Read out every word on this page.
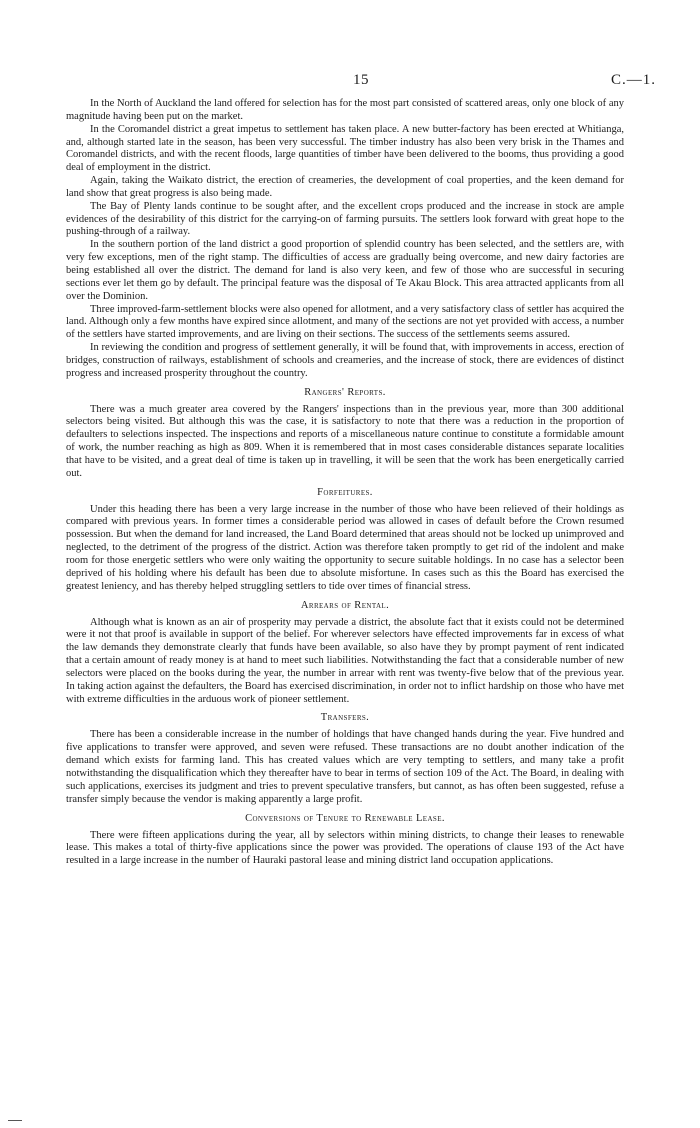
15	C.—1.

In the North of Auckland the land offered for selection has for the most part consisted of scattered areas, only one block of any magnitude having been put on the market.

In the Coromandel district a great impetus to settlement has taken place. A new butter-factory has been erected at Whitianga, and, although started late in the season, has been very successful. The timber industry has also been very brisk in the Thames and Coromandel districts, and with the recent floods, large quantities of timber have been delivered to the booms, thus providing a good deal of employment in the district.

Again, taking the Waikato district, the erection of creameries, the development of coal properties, and the keen demand for land show that great progress is also being made.

The Bay of Plenty lands continue to be sought after, and the excellent crops produced and the increase in stock are ample evidences of the desirability of this district for the carrying-on of farming pursuits. The settlers look forward with great hope to the pushing-through of a railway.

In the southern portion of the land district a good proportion of splendid country has been selected, and the settlers are, with very few exceptions, men of the right stamp. The difficulties of access are gradually being overcome, and new dairy factories are being established all over the district. The demand for land is also very keen, and few of those who are successful in securing sections ever let them go by default. The principal feature was the disposal of Te Akau Block. This area attracted applicants from all over the Dominion.

Three improved-farm-settlement blocks were also opened for allotment, and a very satisfactory class of settler has acquired the land. Although only a few months have expired since allotment, and many of the sections are not yet provided with access, a number of the settlers have started improvements, and are living on their sections. The success of the settlements seems assured.

In reviewing the condition and progress of settlement generally, it will be found that, with improvements in access, erection of bridges, construction of railways, establishment of schools and creameries, and the increase of stock, there are evidences of distinct progress and increased prosperity throughout the country.

Rangers' Reports.

There was a much greater area covered by the Rangers' inspections than in the previous year, more than 300 additional selectors being visited. But although this was the case, it is satisfactory to note that there was a reduction in the proportion of defaulters to selections inspected. The inspections and reports of a miscellaneous nature continue to constitute a formidable amount of work, the number reaching as high as 809. When it is remembered that in most cases considerable distances separate localities that have to be visited, and a great deal of time is taken up in travelling, it will be seen that the work has been energetically carried out.

Forfeitures.

Under this heading there has been a very large increase in the number of those who have been relieved of their holdings as compared with previous years. In former times a considerable period was allowed in cases of default before the Crown resumed possession. But when the demand for land increased, the Land Board determined that areas should not be locked up unimproved and neglected, to the detriment of the progress of the district. Action was therefore taken promptly to get rid of the indolent and make room for those energetic settlers who were only waiting the opportunity to secure suitable holdings. In no case has a selector been deprived of his holding where his default has been due to absolute misfortune. In cases such as this the Board has exercised the greatest leniency, and has thereby helped struggling settlers to tide over times of financial stress.

Arrears of Rental.

Although what is known as an air of prosperity may pervade a district, the absolute fact that it exists could not be determined were it not that proof is available in support of the belief. For wherever selectors have effected improvements far in excess of what the law demands they demonstrate clearly that funds have been available, so also have they by prompt payment of rent indicated that a certain amount of ready money is at hand to meet such liabilities. Notwithstanding the fact that a considerable number of new selectors were placed on the books during the year, the number in arrear with rent was twenty-five below that of the previous year. In taking action against the defaulters, the Board has exercised discrimination, in order not to inflict hardship on those who have met with extreme difficulties in the arduous work of pioneer settlement.

Transfers.

There has been a considerable increase in the number of holdings that have changed hands during the year. Five hundred and five applications to transfer were approved, and seven were refused. These transactions are no doubt another indication of the demand which exists for farming land. This has created values which are very tempting to settlers, and many take a profit notwithstanding the disqualification which they thereafter have to bear in terms of section 109 of the Act. The Board, in dealing with such applications, exercises its judgment and tries to prevent speculative transfers, but cannot, as has often been suggested, refuse a transfer simply because the vendor is making apparently a large profit.

Conversions of Tenure to Renewable Lease.

There were fifteen applications during the year, all by selectors within mining districts, to change their leases to renewable lease. This makes a total of thirty-five applications since the power was provided. The operations of clause 193 of the Act have resulted in a large increase in the number of Hauraki pastoral lease and mining district land occupation applications.
